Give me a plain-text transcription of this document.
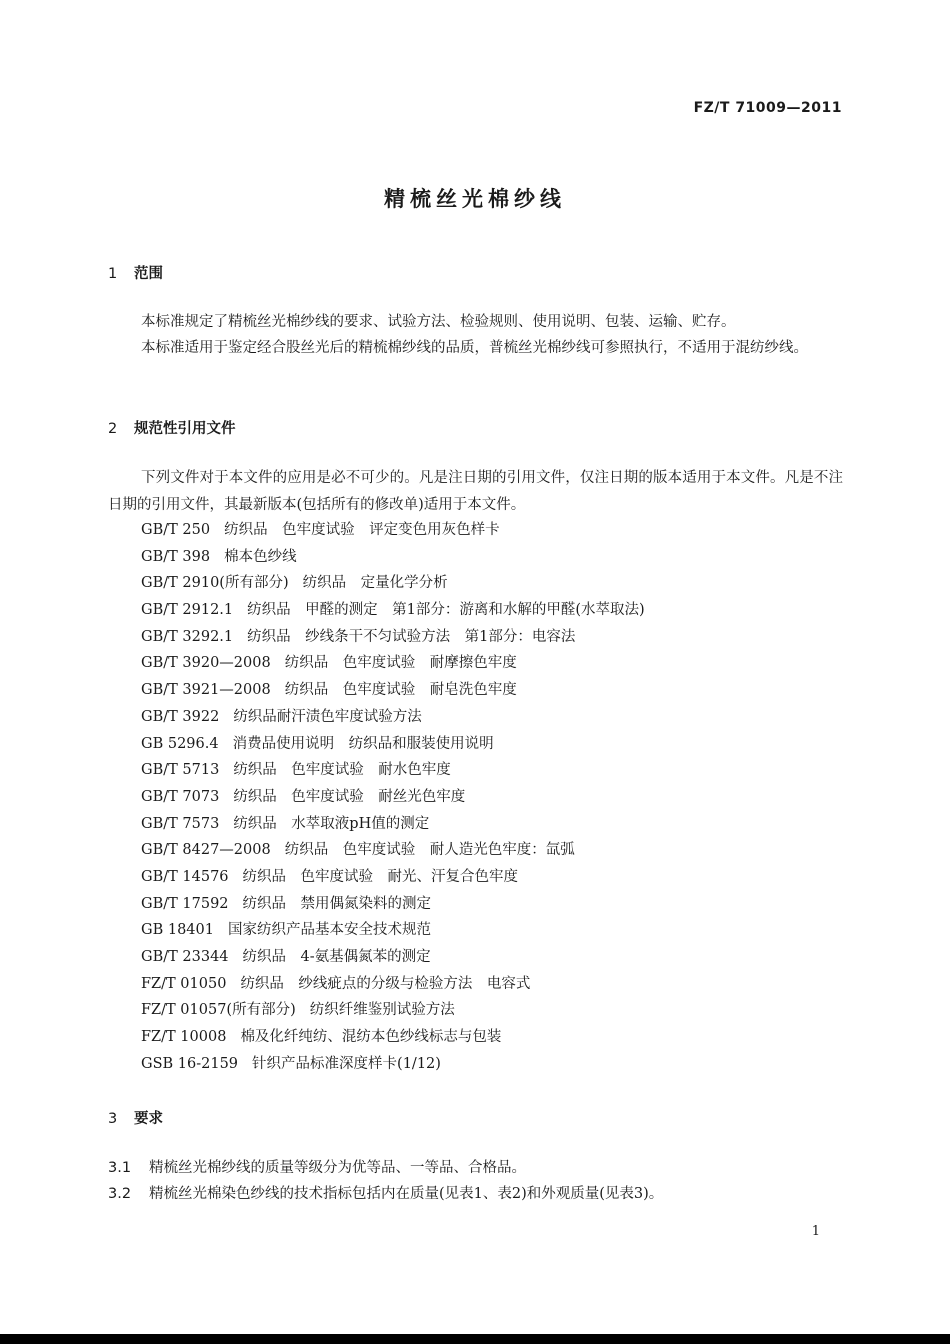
FZ/T 71009—2011
精梳丝光棉纱线
1 范围
本标准规定了精梳丝光棉纱线的要求、试验方法、检验规则、使用说明、包装、运输、贮存。
本标准适用于鉴定经合股丝光后的精梳棉纱线的品质，普梳丝光棉纱线可参照执行，不适用于混纺纱线。
2 规范性引用文件
下列文件对于本文件的应用是必不可少的。凡是注日期的引用文件，仅注日期的版本适用于本文件。凡是不注日期的引用文件，其最新版本(包括所有的修改单)适用于本文件。
GB/T 250 纺织品　色牢度试验　评定变色用灰色样卡
GB/T 398 棉本色纱线
GB/T 2910(所有部分) 纺织品　定量化学分析
GB/T 2912.1 纺织品　甲醛的测定　第1部分：游离和水解的甲醛(水萃取法)
GB/T 3292.1 纺织品　纱线条干不匀试验方法　第1部分：电容法
GB/T 3920—2008 纺织品　色牢度试验　耐摩擦色牢度
GB/T 3921—2008 纺织品　色牢度试验　耐皂洗色牢度
GB/T 3922 纺织品耐汗渍色牢度试验方法
GB 5296.4 消费品使用说明　纺织品和服装使用说明
GB/T 5713 纺织品　色牢度试验　耐水色牢度
GB/T 7073 纺织品　色牢度试验　耐丝光色牢度
GB/T 7573 纺织品　水萃取液pH值的测定
GB/T 8427—2008 纺织品　色牢度试验　耐人造光色牢度：氙弧
GB/T 14576 纺织品　色牢度试验　耐光、汗复合色牢度
GB/T 17592 纺织品　禁用偶氮染料的测定
GB 18401 国家纺织产品基本安全技术规范
GB/T 23344 纺织品　4-氨基偶氮苯的测定
FZ/T 01050 纺织品　纱线疵点的分级与检验方法　电容式
FZ/T 01057(所有部分) 纺织纤维鉴别试验方法
FZ/T 10008 棉及化纤纯纺、混纺本色纱线标志与包装
GSB 16-2159 针织产品标准深度样卡(1/12)
3 要求
3.1 精梳丝光棉纱线的质量等级分为优等品、一等品、合格品。
3.2 精梳丝光棉染色纱线的技术指标包括内在质量(见表1、表2)和外观质量(见表3)。
1
